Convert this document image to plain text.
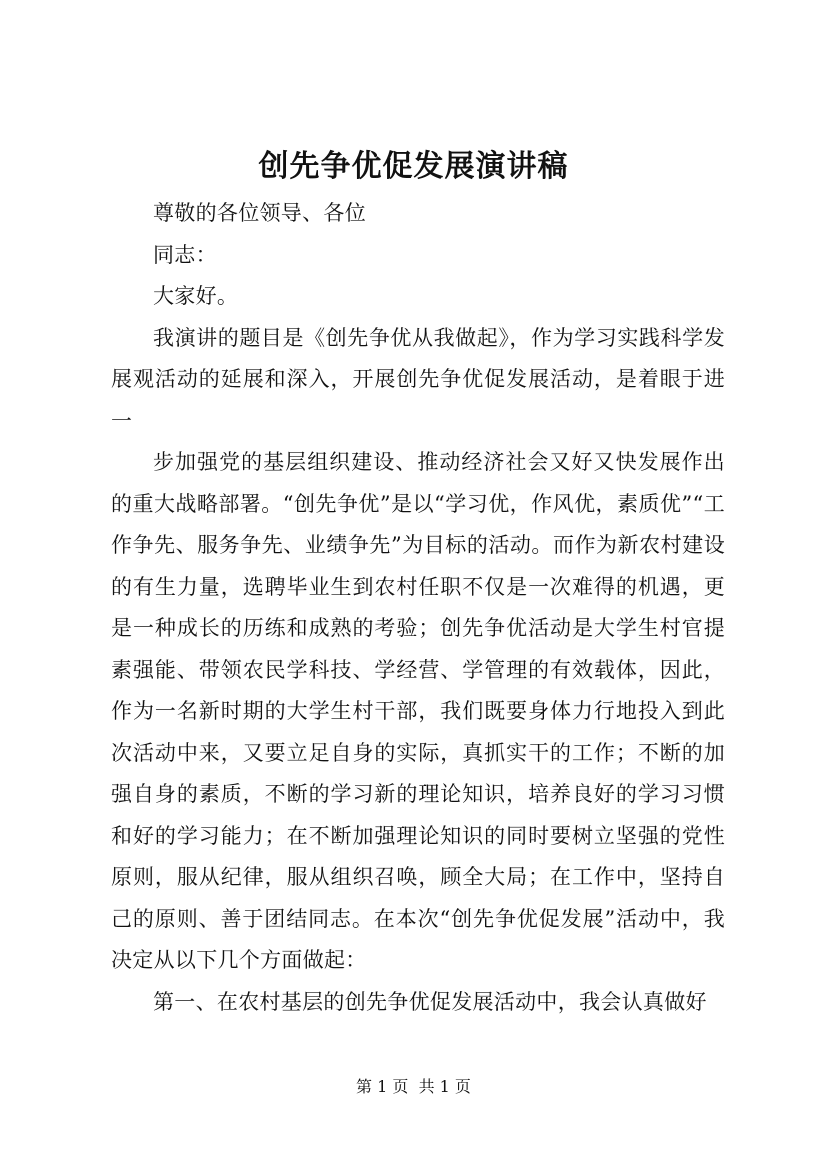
创先争优促发展演讲稿

尊敬的各位领导、各位

同志：

大家好。

我演讲的题目是《创先争优从我做起》，作为学习实践科学发展观活动的延展和深入，开展创先争优促发展活动，是着眼于进一

步加强党的基层组织建设、推动经济社会又好又快发展作出的重大战略部署。“创先争优”是以“学习优，作风优，素质优”“工作争先、服务争先、业绩争先”为目标的活动。而作为新农村建设的有生力量，选聘毕业生到农村任职不仅是一次难得的机遇，更是一种成长的历练和成熟的考验；创先争优活动是大学生村官提素强能、带领农民学科技、学经营、学管理的有效载体，因此，作为一名新时期的大学生村干部，我们既要身体力行地投入到此次活动中来，又要立足自身的实际，真抓实干的工作；不断的加强自身的素质，不断的学习新的理论知识，培养良好的学习习惯和好的学习能力；在不断加强理论知识的同时要树立坚强的党性原则，服从纪律，服从组织召唤，顾全大局；在工作中，坚持自己的原则、善于团结同志。在本次“创先争优促发展”活动中，我决定从以下几个方面做起：

第一、在农村基层的创先争优促发展活动中，我会认真做好

第 1 页  共 1 页
